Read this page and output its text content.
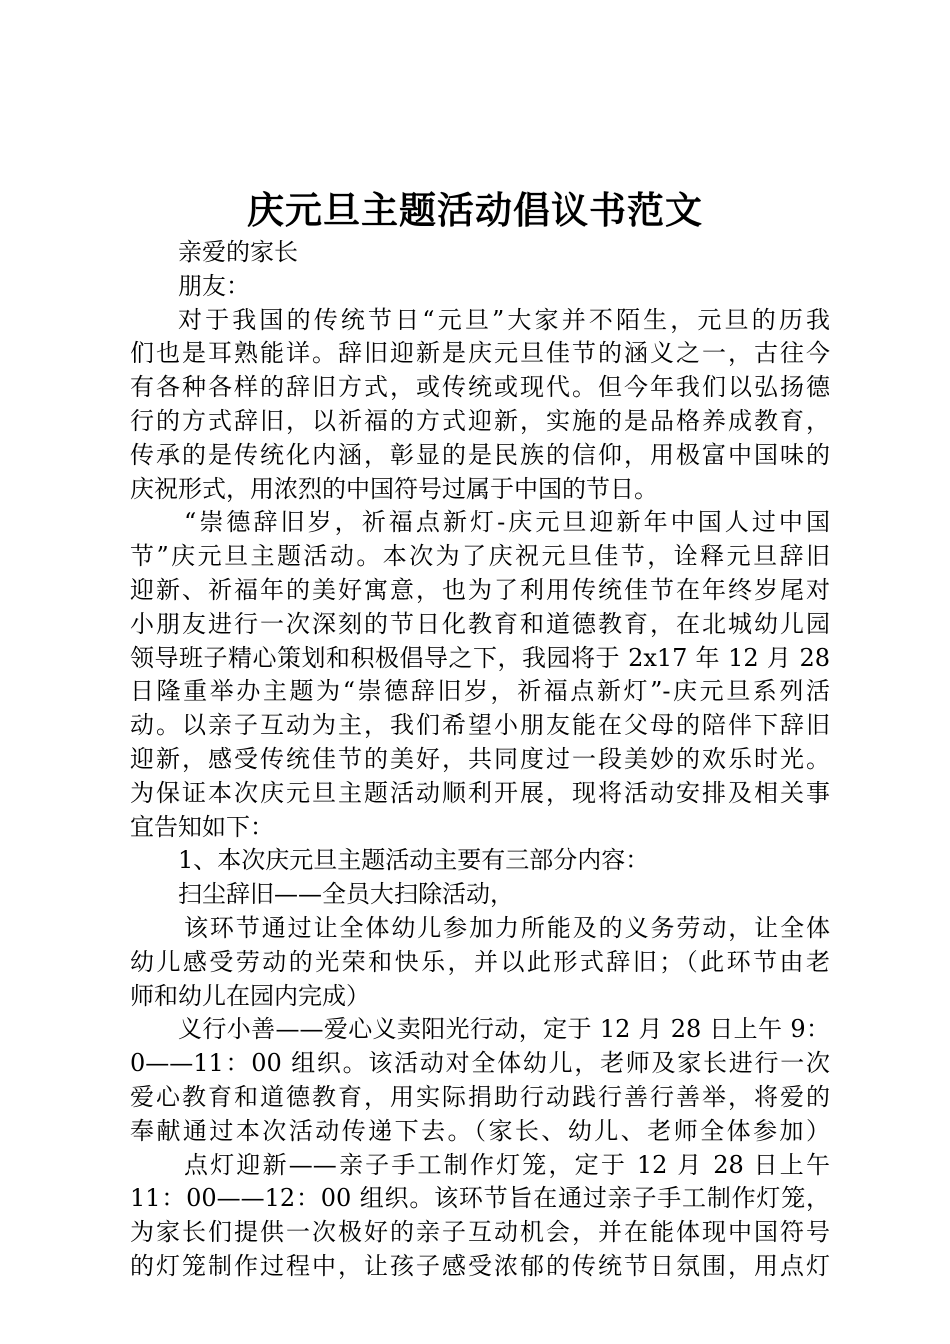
庆元旦主题活动倡议书范文
亲爱的家长
朋友：
对于我国的传统节日“元旦”大家并不陌生，元旦的历我
们也是耳熟能详。辞旧迎新是庆元旦佳节的涵义之一，古往今
有各种各样的辞旧方式，或传统或现代。但今年我们以弘扬德
行的方式辞旧，以祈福的方式迎新，实施的是品格养成教育，
传承的是传统化内涵，彰显的是民族的信仰，用极富中国味的
庆祝形式，用浓烈的中国符号过属于中国的节日。
“崇德辞旧岁，祈福点新灯-庆元旦迎新年中国人过中国
节”庆元旦主题活动。本次为了庆祝元旦佳节，诠释元旦辞旧
迎新、祈福年的美好寓意，也为了利用传统佳节在年终岁尾对
小朋友进行一次深刻的节日化教育和道德教育，在北城幼儿园
领导班子精心策划和积极倡导之下，我园将于 2x17 年 12 月 28
日隆重举办主题为“崇德辞旧岁，祈福点新灯”-庆元旦系列活
动。以亲子互动为主，我们希望小朋友能在父母的陪伴下辞旧
迎新，感受传统佳节的美好，共同度过一段美妙的欢乐时光。
为保证本次庆元旦主题活动顺利开展，现将活动安排及相关事
宜告知如下：
1、本次庆元旦主题活动主要有三部分内容：
扫尘辞旧——全员大扫除活动，
该环节通过让全体幼儿参加力所能及的义务劳动，让全体
幼儿感受劳动的光荣和快乐，并以此形式辞旧；（此环节由老
师和幼儿在园内完成）
义行小善——爱心义卖阳光行动，定于 12 月 28 日上午 9：
0——11：00 组织。该活动对全体幼儿，老师及家长进行一次
爱心教育和道德教育，用实际捐助行动践行善行善举，将爱的
奉献通过本次活动传递下去。（家长、幼儿、老师全体参加）
点灯迎新——亲子手工制作灯笼，定于 12 月 28 日上午
11：00——12：00 组织。该环节旨在通过亲子手工制作灯笼，
为家长们提供一次极好的亲子互动机会，并在能体现中国符号
的灯笼制作过程中，让孩子感受浓郁的传统节日氛围，用点灯
